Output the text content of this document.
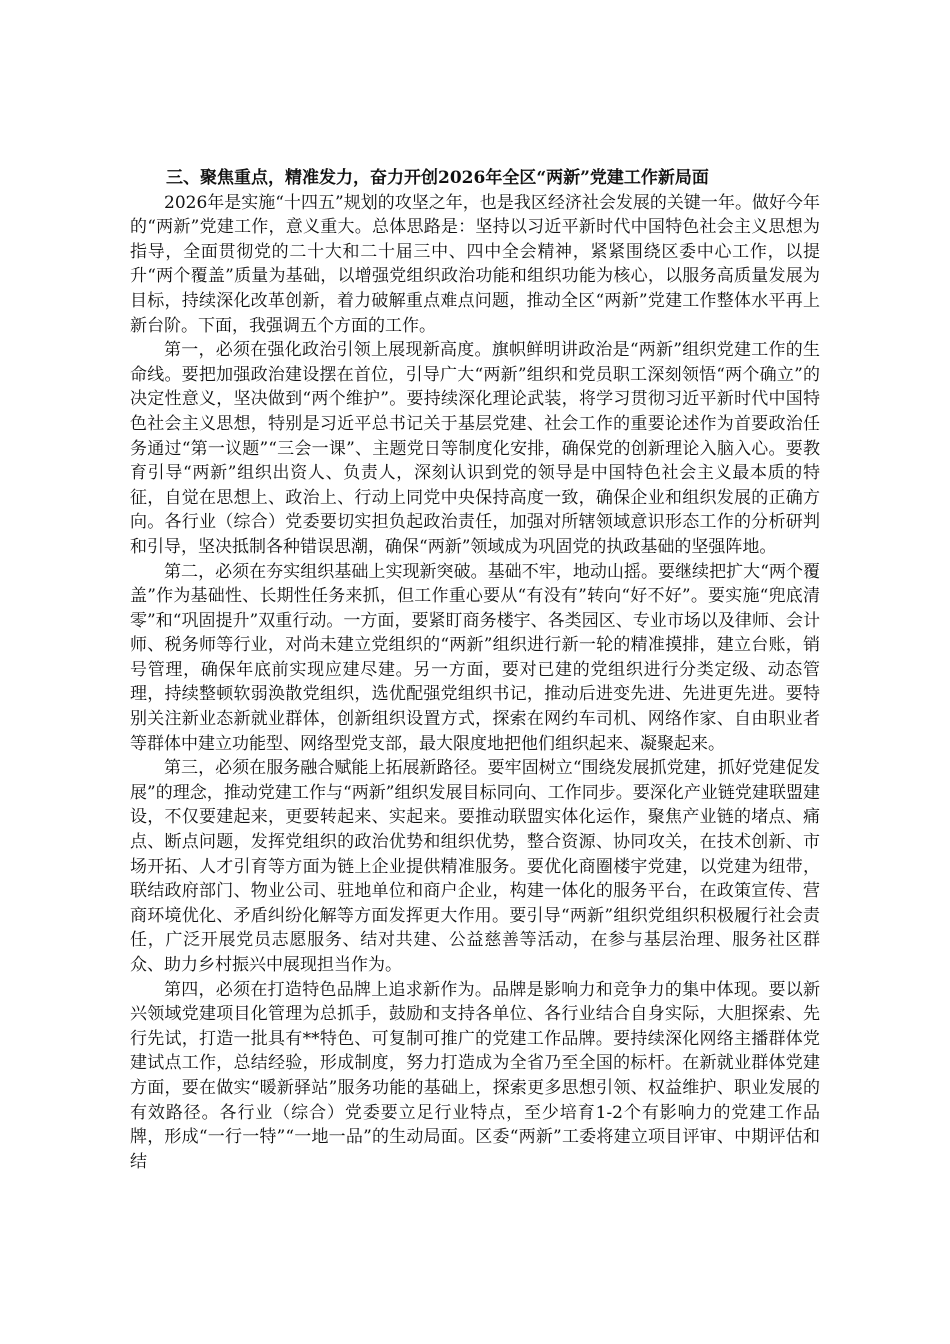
三、聚焦重点，精准发力，奋力开创2026年全区“两新”党建工作新局面

2026年是实施“十四五”规划的攻坚之年，也是我区经济社会发展的关键一年。做好今年的“两新”党建工作，意义重大。总体思路是：坚持以习近平新时代中国特色社会主义思想为指导，全面贯彻党的二十大和二十届三中、四中全会精神，紧紧围绕区委中心工作，以提升“两个覆盖”质量为基础，以增强党组织政治功能和组织功能为核心，以服务高质量发展为目标，持续深化改革创新，着力破解重点难点问题，推动全区“两新”党建工作整体水平再上新台阶。下面，我强调五个方面的工作。

第一，必须在强化政治引领上展现新高度。旗帜鲜明讲政治是“两新”组织党建工作的生命线。要把加强政治建设摆在首位，引导广大“两新”组织和党员职工深刻领悟“两个确立”的决定性意义，坚决做到“两个维护”。要持续深化理论武装，将学习贯彻习近平新时代中国特色社会主义思想，特别是习近平总书记关于基层党建、社会工作的重要论述作为首要政治任务通过“第一议题”“三会一课”、主题党日等制度化安排，确保党的创新理论入脑入心。要教育引导“两新”组织出资人、负责人，深刻认识到党的领导是中国特色社会主义最本质的特征，自觉在思想上、政治上、行动上同党中央保持高度一致，确保企业和组织发展的正确方向。各行业（综合）党委要切实担负起政治责任，加强对所辖领域意识形态工作的分析研判和引导，坚决抵制各种错误思潮，确保“两新”领域成为巩固党的执政基础的坚强阵地。

第二，必须在夯实组织基础上实现新突破。基础不牢，地动山摇。要继续把扩大“两个覆盖”作为基础性、长期性任务来抓，但工作重心要从“有没有”转向“好不好”。要实施“兜底清零”和“巩固提升”双重行动。一方面，要紧盯商务楼宇、各类园区、专业市场以及律师、会计师、税务师等行业，对尚未建立党组织的“两新”组织进行新一轮的精准摸排，建立台账，销号管理，确保年底前实现应建尽建。另一方面，要对已建的党组织进行分类定级、动态管理，持续整顿软弱涣散党组织，选优配强党组织书记，推动后进变先进、先进更先进。要特别关注新业态新就业群体，创新组织设置方式，探索在网约车司机、网络作家、自由职业者等群体中建立功能型、网络型党支部，最大限度地把他们组织起来、凝聚起来。

第三，必须在服务融合赋能上拓展新路径。要牢固树立“围绕发展抓党建，抓好党建促发展”的理念，推动党建工作与“两新”组织发展目标同向、工作同步。要深化产业链党建联盟建设，不仅要建起来，更要转起来、实起来。要推动联盟实体化运作，聚焦产业链的堵点、痛点、断点问题，发挥党组织的政治优势和组织优势，整合资源、协同攻关，在技术创新、市场开拓、人才引育等方面为链上企业提供精准服务。要优化商圈楼宇党建，以党建为纽带，联结政府部门、物业公司、驻地单位和商户企业，构建一体化的服务平台，在政策宣传、营商环境优化、矛盾纠纷化解等方面发挥更大作用。要引导“两新”组织党组织积极履行社会责任，广泛开展党员志愿服务、结对共建、公益慈善等活动，在参与基层治理、服务社区群众、助力乡村振兴中展现担当作为。

第四，必须在打造特色品牌上追求新作为。品牌是影响力和竞争力的集中体现。要以新兴领域党建项目化管理为总抓手，鼓励和支持各单位、各行业结合自身实际，大胆探索、先行先试，打造一批具有**特色、可复制可推广的党建工作品牌。要持续深化网络主播群体党建试点工作，总结经验，形成制度，努力打造成为全省乃至全国的标杆。在新就业群体党建方面，要在做实“暖新驿站”服务功能的基础上，探索更多思想引领、权益维护、职业发展的有效路径。各行业（综合）党委要立足行业特点，至少培育1-2个有影响力的党建工作品牌，形成“一行一特”“一地一品”的生动局面。区委“两新”工委将建立项目评审、中期评估和结
